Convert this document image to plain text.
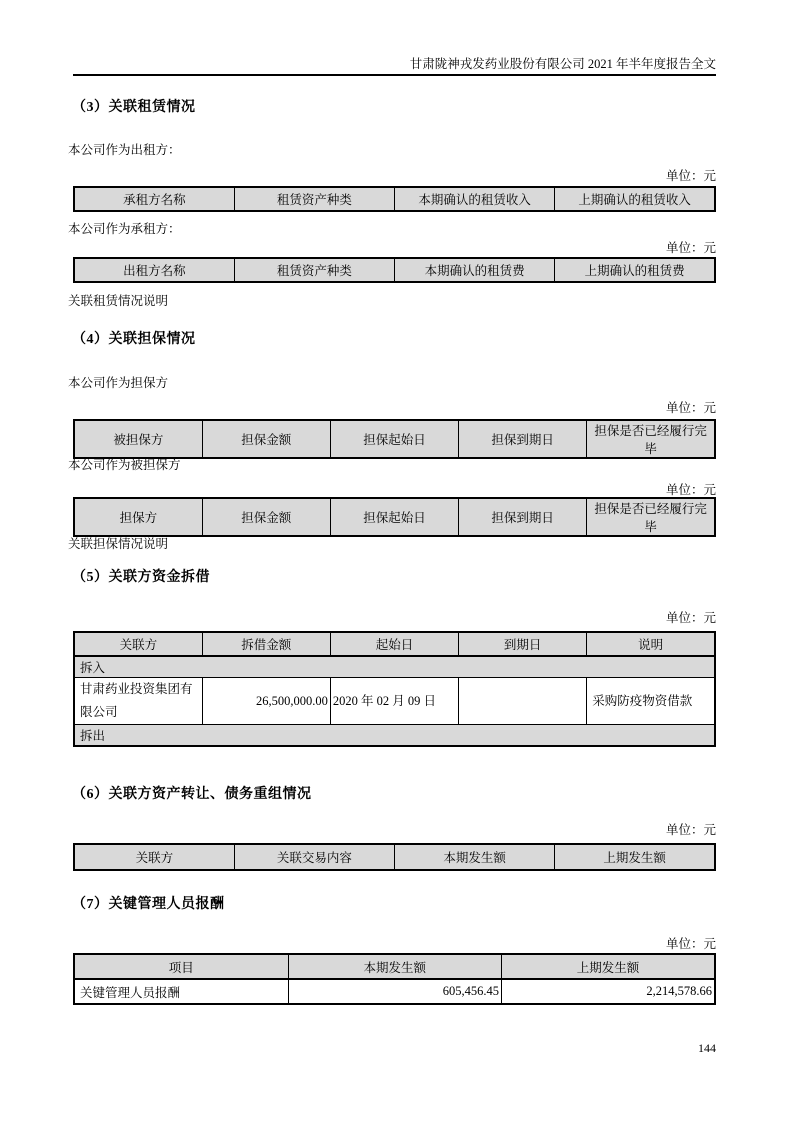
甘肃陇神戎发药业股份有限公司 2021 年半年度报告全文
（3）关联租赁情况
本公司作为出租方：
单位：元
承租方名称	租赁资产种类	本期确认的租赁收入	上期确认的租赁收入
本公司作为承租方：
单位：元
出租方名称	租赁资产种类	本期确认的租赁费	上期确认的租赁费
关联租赁情况说明
（4）关联担保情况
本公司作为担保方
单位：元
被担保方	担保金额	担保起始日	担保到期日	担保是否已经履行完毕
本公司作为被担保方
单位：元
担保方	担保金额	担保起始日	担保到期日	担保是否已经履行完毕
关联担保情况说明
（5）关联方资金拆借
单位：元
关联方	拆借金额	起始日	到期日	说明
拆入				
甘肃药业投资集团有限公司	26,500,000.00	2020 年 02 月 09 日		采购防疫物资借款
拆出				
（6）关联方资产转让、债务重组情况
单位：元
关联方	关联交易内容	本期发生额	上期发生额
（7）关键管理人员报酬
单位：元
项目	本期发生额	上期发生额
关键管理人员报酬	605,456.45	2,214,578.66
144
